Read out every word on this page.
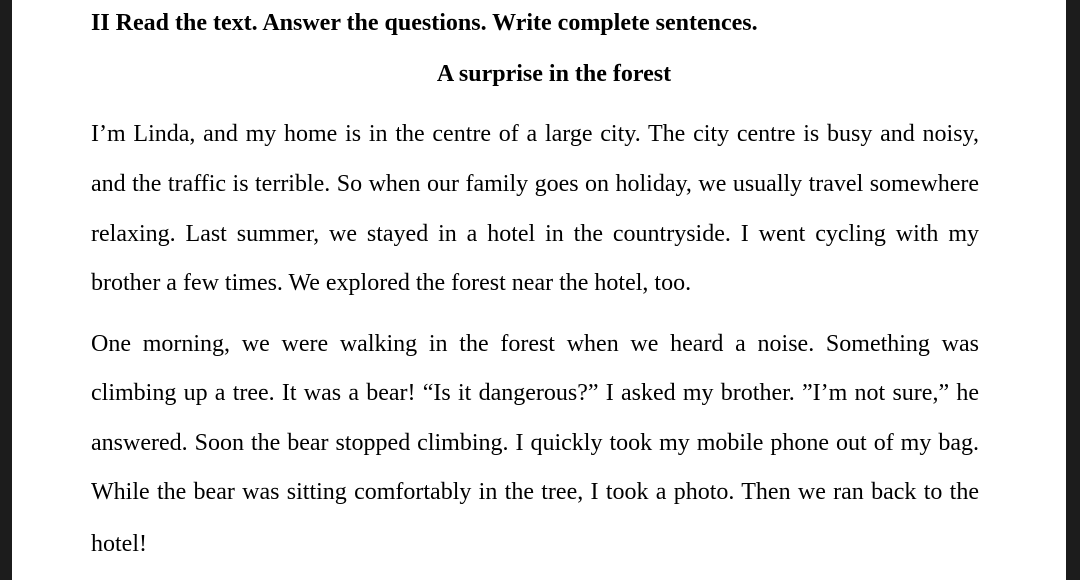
II Read the text. Answer the questions. Write complete sentences.

A surprise in the forest

I’m Linda, and my home is in the centre of a large city. The city centre is busy and noisy,

and the traffic is terrible. So when our family goes on holiday, we usually travel somewhere

relaxing. Last summer, we stayed in a hotel in the countryside. I went cycling with my

brother a few times. We explored the forest near the hotel, too.

One morning, we were walking in the forest when we heard a noise. Something was

climbing up a tree. It was a bear! “Is it dangerous?” I asked my brother. ”I’m not sure,” he

answered. Soon the bear stopped climbing. I quickly took my mobile phone out of my bag.

While the bear was sitting comfortably in the tree, I took a photo. Then we ran back to the

hotel!
